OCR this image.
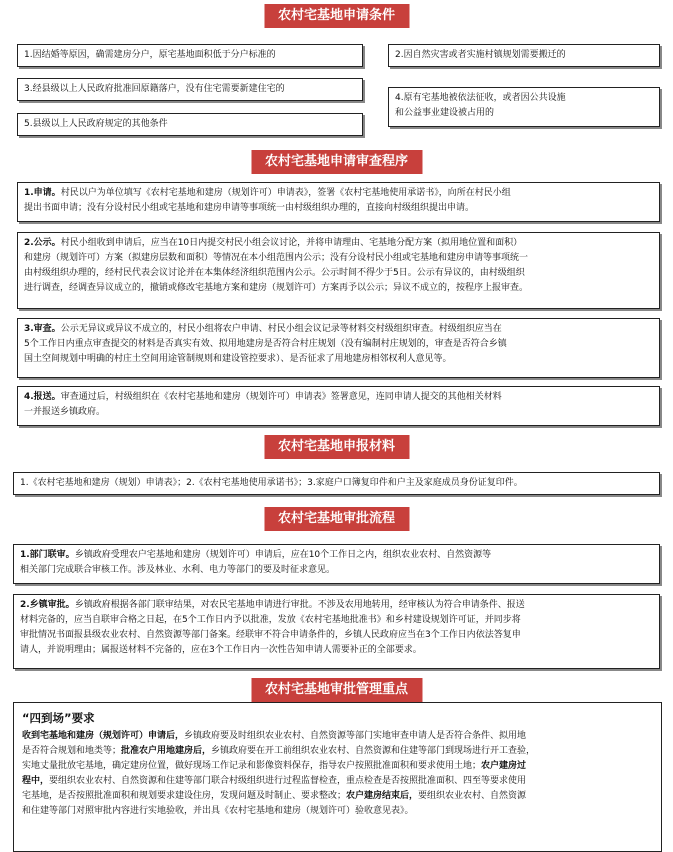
农村宅基地申请条件
1.因结婚等原因，确需建房分户，原宅基地面积低于分户标准的	2.因自然灾害或者实施村镇规划需要搬迁的
3.经县级以上人民政府批准回原籍落户，没有住宅需要新建住宅的
4.原有宅基地被依法征收，或者因公共设施
和公益事业建设被占用的
5.县级以上人民政府规定的其他条件
农村宅基地申请审查程序
1.申请。村民以户为单位填写《农村宅基地和建房（规划许可）申请表》，签署《农村宅基地使用承诺书》，向所在村民小组
提出书面申请；没有分设村民小组或宅基地和建房申请等事项统一由村级组织办理的，直接向村级组织提出申请。
2.公示。村民小组收到申请后，应当在10日内提交村民小组会议讨论，并将申请理由、宅基地分配方案（拟用地位置和面积）
和建房（规划许可）方案（拟建房层数和面积）等情况在本小组范围内公示；没有分设村民小组或宅基地和建房申请等事项统一
由村级组织办理的，经村民代表会议讨论并在本集体经济组织范围内公示。公示时间不得少于5日。公示有异议的，由村级组织
进行调查，经调查异议成立的，撤销或修改宅基地方案和建房（规划许可）方案再予以公示；异议不成立的，按程序上报审查。
3.审查。公示无异议或异议不成立的，村民小组将农户申请、村民小组会议记录等材料交村级组织审查。村级组织应当在
5个工作日内重点审查提交的材料是否真实有效、拟用地建房是否符合村庄规划（没有编制村庄规划的，审查是否符合乡镇
国土空间规划中明确的村庄土空间用途管制规则和建设管控要求）、是否征求了用地建房相邻权利人意见等。
4.报送。审查通过后，村级组织在《农村宅基地和建房（规划许可）申请表》签署意见，连同申请人提交的其他相关材料
一并报送乡镇政府。
农村宅基地申报材料
1.《农村宅基地和建房（规划）申请表》；2.《农村宅基地使用承诺书》；3.家庭户口簿复印件和户主及家庭成员身份证复印件。
农村宅基地审批流程
1.部门联审。乡镇政府受理农户宅基地和建房（规划许可）申请后，应在10个工作日之内，组织农业农村、自然资源等
相关部门完成联合审核工作。涉及林业、水利、电力等部门的要及时征求意见。
2.乡镇审批。乡镇政府根据各部门联审结果，对农民宅基地申请进行审批。不涉及农用地转用，经审核认为符合申请条件、报送
材料完备的，应当自联审合格之日起，在5个工作日内予以批准，发放《农村宅基地批准书》和乡村建设规划许可证，并同步将
审批情况书面报县级农业农村、自然资源等部门备案。经联审不符合申请条件的，乡镇人民政府应当在3个工作日内依法答复申
请人，并说明理由；属报送材料不完备的，应在3个工作日内一次性告知申请人需要补正的全部要求。
农村宅基地审批管理重点
“四到场”要求
收到宅基地和建房（规划许可）申请后，乡镇政府要及时组织农业农村、自然资源等部门实地审查申请人是否符合条件、拟用地
是否符合规划和地类等；批准农户用地建房后，乡镇政府要在开工前组织农业农村、自然资源和住建等部门到现场进行开工查验，
实地丈量批放宅基地，确定建房位置，做好现场工作记录和影像资料保存，指导农户按照批准面积和要求使用土地；农户建房过
程中，要组织农业农村、自然资源和住建等部门联合村级组织进行过程监督检查，重点检查是否按照批准面积、四至等要求使用
宅基地，是否按照批准面积和规划要求建设住房，发现问题及时制止、要求整改；农户建房结束后，要组织农业农村、自然资源
和住建等部门对照审批内容进行实地验收，并出具《农村宅基地和建房（规划许可）验收意见表》。
